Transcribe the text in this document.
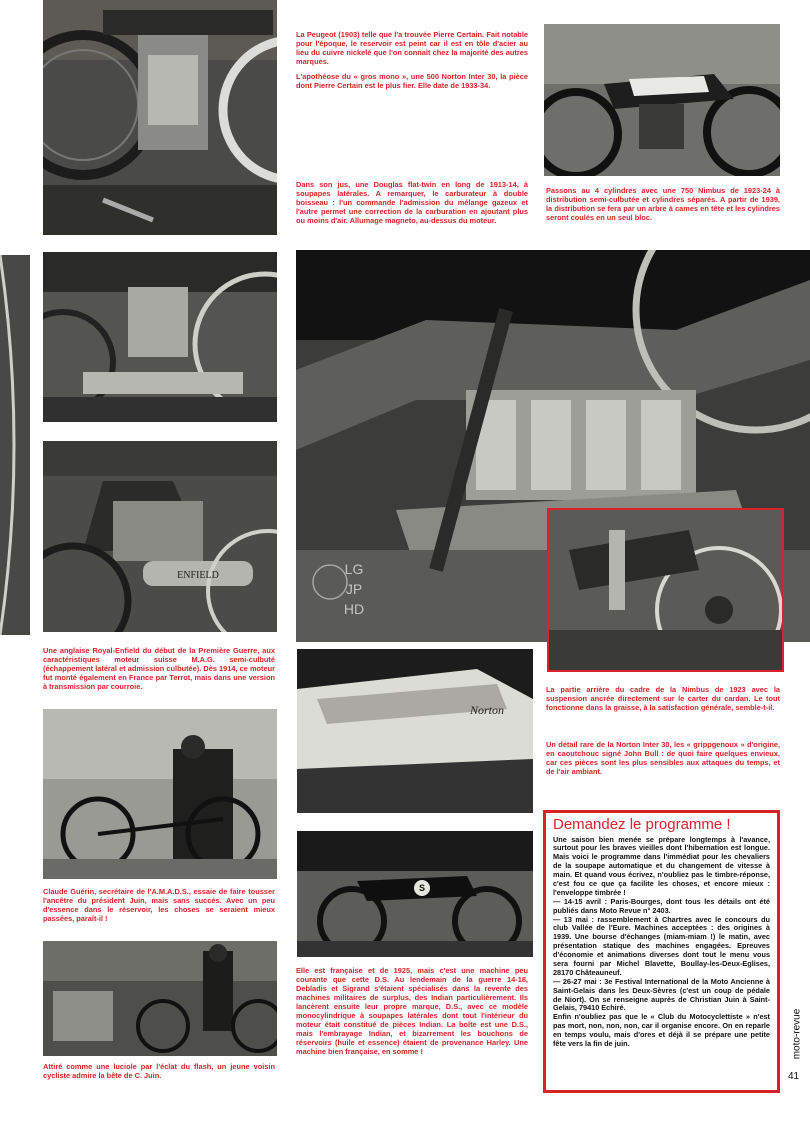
ENFIELD
Norton
S
LG
JP
HD

La Peugeot (1903) telle que l'a trouvée Pierre Certain. Fait notable pour l'époque, le reservoir est peint car il est en tôle d'acier au lieu du cuivre nickelé que l'on connaît chez la majorité des autres marques.

L'apothéose du « gros mono », une 500 Norton Inter 30, la pièce dont Pierre Certain est le plus fier. Elle date de 1933-34.

Dans son jus, une Douglas flat-twin en long de 1913-14, à soupapes latérales. A remarquer, le carburateur à double boisseau : l'un commande l'admission du mélange gazeux et l'autre permet une correction de la carburation en ajoutant plus ou moins d'air. Allumage magneto, au-dessus du moteur.
Passons au 4 cylindres avec une 750 Nimbus de 1923-24 à distribution semi-culbutée et cylindres séparés. A partir de 1939, la distribution se fera par un arbre à cames en tête et les cylindres seront coulés en un seul bloc.
Une anglaise Royal-Enfield du début de la Première Guerre, aux caractéristiques moteur suisse M.A.G. semi-culbuté (échappement latéral et admission culbutée). Dès 1914, ce moteur fut monté également en France par Terrot, mais dans une version à transmission par courroie.	La partie arrière du cadre de la Nimbus de 1923 avec la suspension ancrée directement sur le carter du cardan. Le tout fonctionne dans la graisse, à la satisfaction générale, semble-t-il.
Un détail rare de la Norton Inter 30, les « grippgenoux » d'origine, en caoutchouc signé John Bull : de quoi faire quelques envieux, car ces pièces sont les plus sensibles aux attaques du temps, et de l'air ambiant.
Claude Guérin, secrétaire de l'A.M.A.D.S., essaie de faire tousser l'ancêtre du président Juin, mais sans succès. Avec un peu d'essence dans le réservoir, les choses se seraient mieux passées, paraît-il !
Elle est française et de 1925, mais c'est une machine peu courante que cette D.S. Au lendemain de la guerre 14-18, Debladis et Sigrand s'étaient spécialisés dans la revente des machines militaires de surplus, des Indian particulièrement. Ils lancèrent ensuite leur propre marque, D.S., avec ce modèle monocylindrique à soupapes latérales dont tout l'intérieur du moteur était constitué de pièces Indian. La boîte est une D.S., mais l'embrayage Indian, et bizarrement les bouchons de réservoirs (huile et essence) étaient de provenance Harley. Une machine bien française, en somme !
Attiré comme une luciole par l'éclat du flash, un jeune voisin cycliste admire la bête de C. Juin.
Demandez le programme !

Une saison bien menée se prépare longtemps à l'avance, surtout pour les braves vieilles dont l'hibernation est longue. Mais voici le programme dans l'immédiat pour les chevaliers de la soupape automatique et du changement de vitesse à main. Et quand vous écrivez, n'oubliez pas le timbre-réponse, c'est fou ce que ça facilite les choses, et encore mieux : l'enveloppe timbrée !

— 14-15 avril : Paris-Bourges, dont tous les détails ont été publiés dans Moto Revue n° 2403.

— 13 mai : rassemblement à Chartres avec le concours du club Vallée de l'Eure. Machines acceptées : des origines à 1939. Une bourse d'échanges (miam-miam !) le matin, avec présentation statique des machines engagées. Epreuves d'économie et animations diverses dont tout le menu vous sera fourni par Michel Blavette, Boullay-les-Deux-Eglises, 28170 Châteauneuf.

— 26-27 mai : 3e Festival International de la Moto Ancienne à Saint-Gelais dans les Deux-Sèvres (c'est un coup de pédale de Niort). On se renseigne auprès de Christian Juin à Saint-Gelais, 79410 Echiré.

Enfin n'oubliez pas que le « Club du Motocyclettiste » n'est pas mort, non, non, non, car il organise encore. On en reparle en temps voulu, mais d'ores et déjà il se prépare une petite fête vers la fin de juin.	moto-revue
41
